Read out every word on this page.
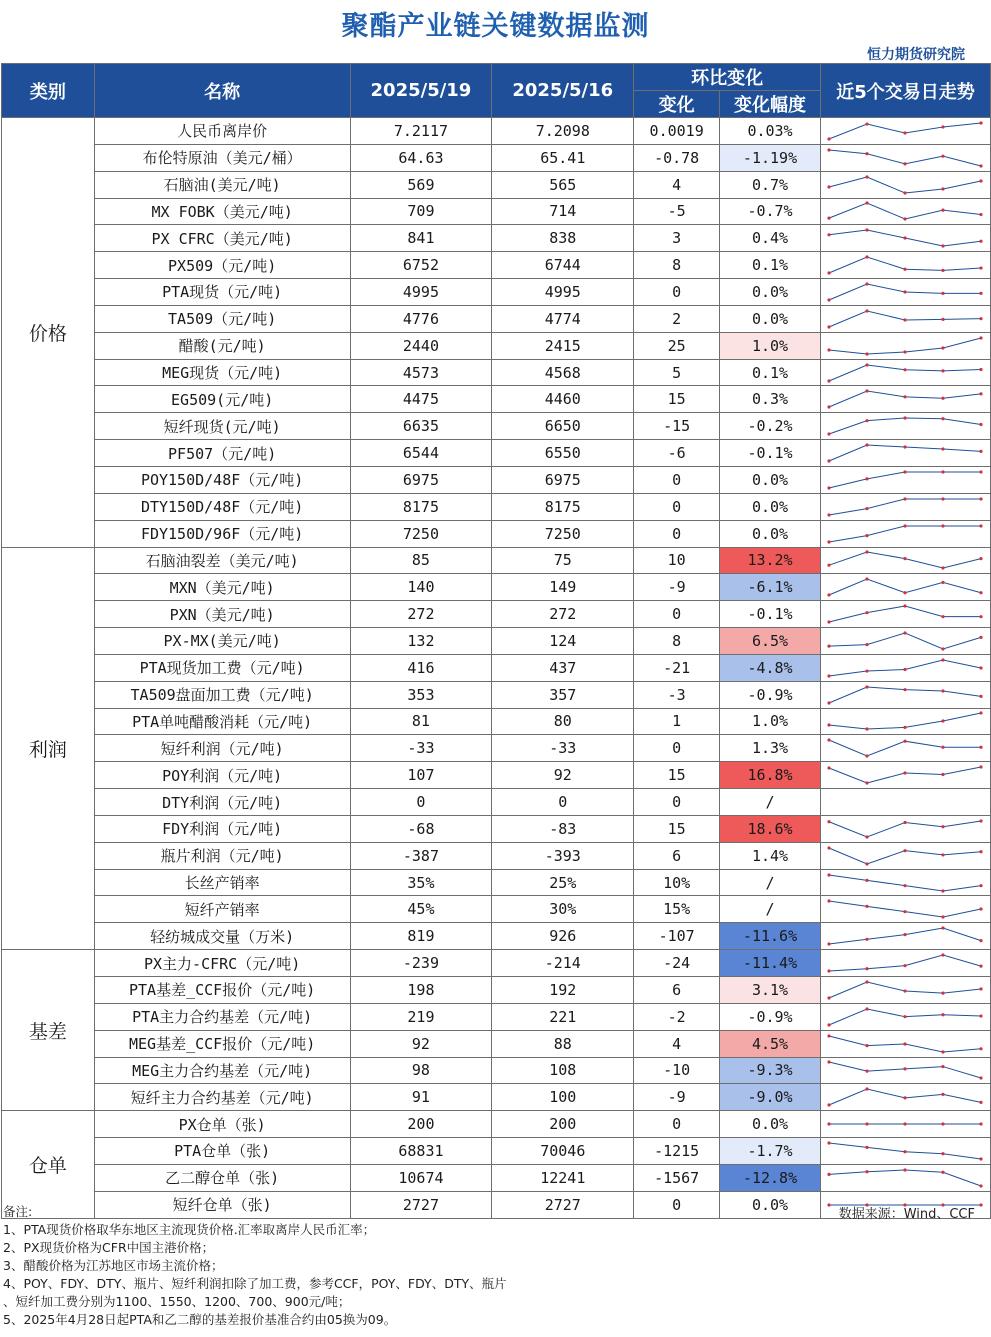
聚酯产业链关键数据监测
恒力期货研究院
类别	名称	2025/5/19	2025/5/16	环比变化		近5个交易日走势
				变化	变化幅度	
价格	人民币离岸价	7.2117	7.2098	0.0019	0.03%	

	布伦特原油（美元/桶）	64.63	65.41	-0.78	-1.19%	

	石脑油(美元/吨)	569	565	4	0.7%	

	MX FOBK（美元/吨)	709	714	-5	-0.7%	

	PX CFRC（美元/吨)	841	838	3	0.4%	

	PX509（元/吨)	6752	6744	8	0.1%	

	PTA现货（元/吨)	4995	4995	0	0.0%	

	TA509（元/吨)	4776	4774	2	0.0%	

	醋酸(元/吨)	2440	2415	25	1.0%	

	MEG现货（元/吨)	4573	4568	5	0.1%	

	EG509(元/吨)	4475	4460	15	0.3%	

	短纤现货(元/吨)	6635	6650	-15	-0.2%	

	PF507（元/吨)	6544	6550	-6	-0.1%	

	POY150D/48F（元/吨)	6975	6975	0	0.0%	

	DTY150D/48F（元/吨)	8175	8175	0	0.0%	

	FDY150D/96F（元/吨)	7250	7250	0	0.0%	

利润	石脑油裂差（美元/吨)	85	75	10	13.2%	

	MXN（美元/吨)	140	149	-9	-6.1%	

	PXN（美元/吨)	272	272	0	-0.1%	

	PX-MX(美元/吨)	132	124	8	6.5%	

	PTA现货加工费（元/吨)	416	437	-21	-4.8%	

	TA509盘面加工费（元/吨)	353	357	-3	-0.9%	

	PTA单吨醋酸消耗（元/吨)	81	80	1	1.0%	

	短纤利润（元/吨)	-33	-33	0	1.3%	

	POY利润（元/吨)	107	92	15	16.8%	

	DTY利润（元/吨)	0	0	0	/	
	FDY利润（元/吨)	-68	-83	15	18.6%	

	瓶片利润（元/吨)	-387	-393	6	1.4%	

	长丝产销率	35%	25%	10%	/	

	短纤产销率	45%	30%	15%	/	

	轻纺城成交量（万米)	819	926	-107	-11.6%	

基差	PX主力-CFRC（元/吨)	-239	-214	-24	-11.4%	

	PTA基差_CCF报价（元/吨)	198	192	6	3.1%	

	PTA主力合约基差（元/吨)	219	221	-2	-0.9%	

	MEG基差_CCF报价（元/吨)	92	88	4	4.5%	

	MEG主力合约基差（元/吨)	98	108	-10	-9.3%	

	短纤主力合约基差（元/吨)	91	100	-9	-9.0%	

仓单	PX仓单（张)	200	200	0	0.0%	

	PTA仓单（张)	68831	70046	-1215	-1.7%	

	乙二醇仓单（张)	10674	12241	-1567	-12.8%	

	短纤仓单（张)	2727	2727	0	0.0%	
备注:
1、PTA现货价格取华东地区主流现货价格.汇率取离岸人民币汇率；
2、PX现货价格为CFR中国主港价格；
3、醋酸价格为江苏地区市场主流价格；
4、POY、FDY、DTY、瓶片、短纤利润扣除了加工费，参考CCF，POY、FDY、DTY、瓶片
、短纤加工费分别为1100、1550、1200、700、900元/吨；
5、2025年4月28日起PTA和乙二醇的基差报价基准合约由05换为09。
数据来源：Wind、CCF
